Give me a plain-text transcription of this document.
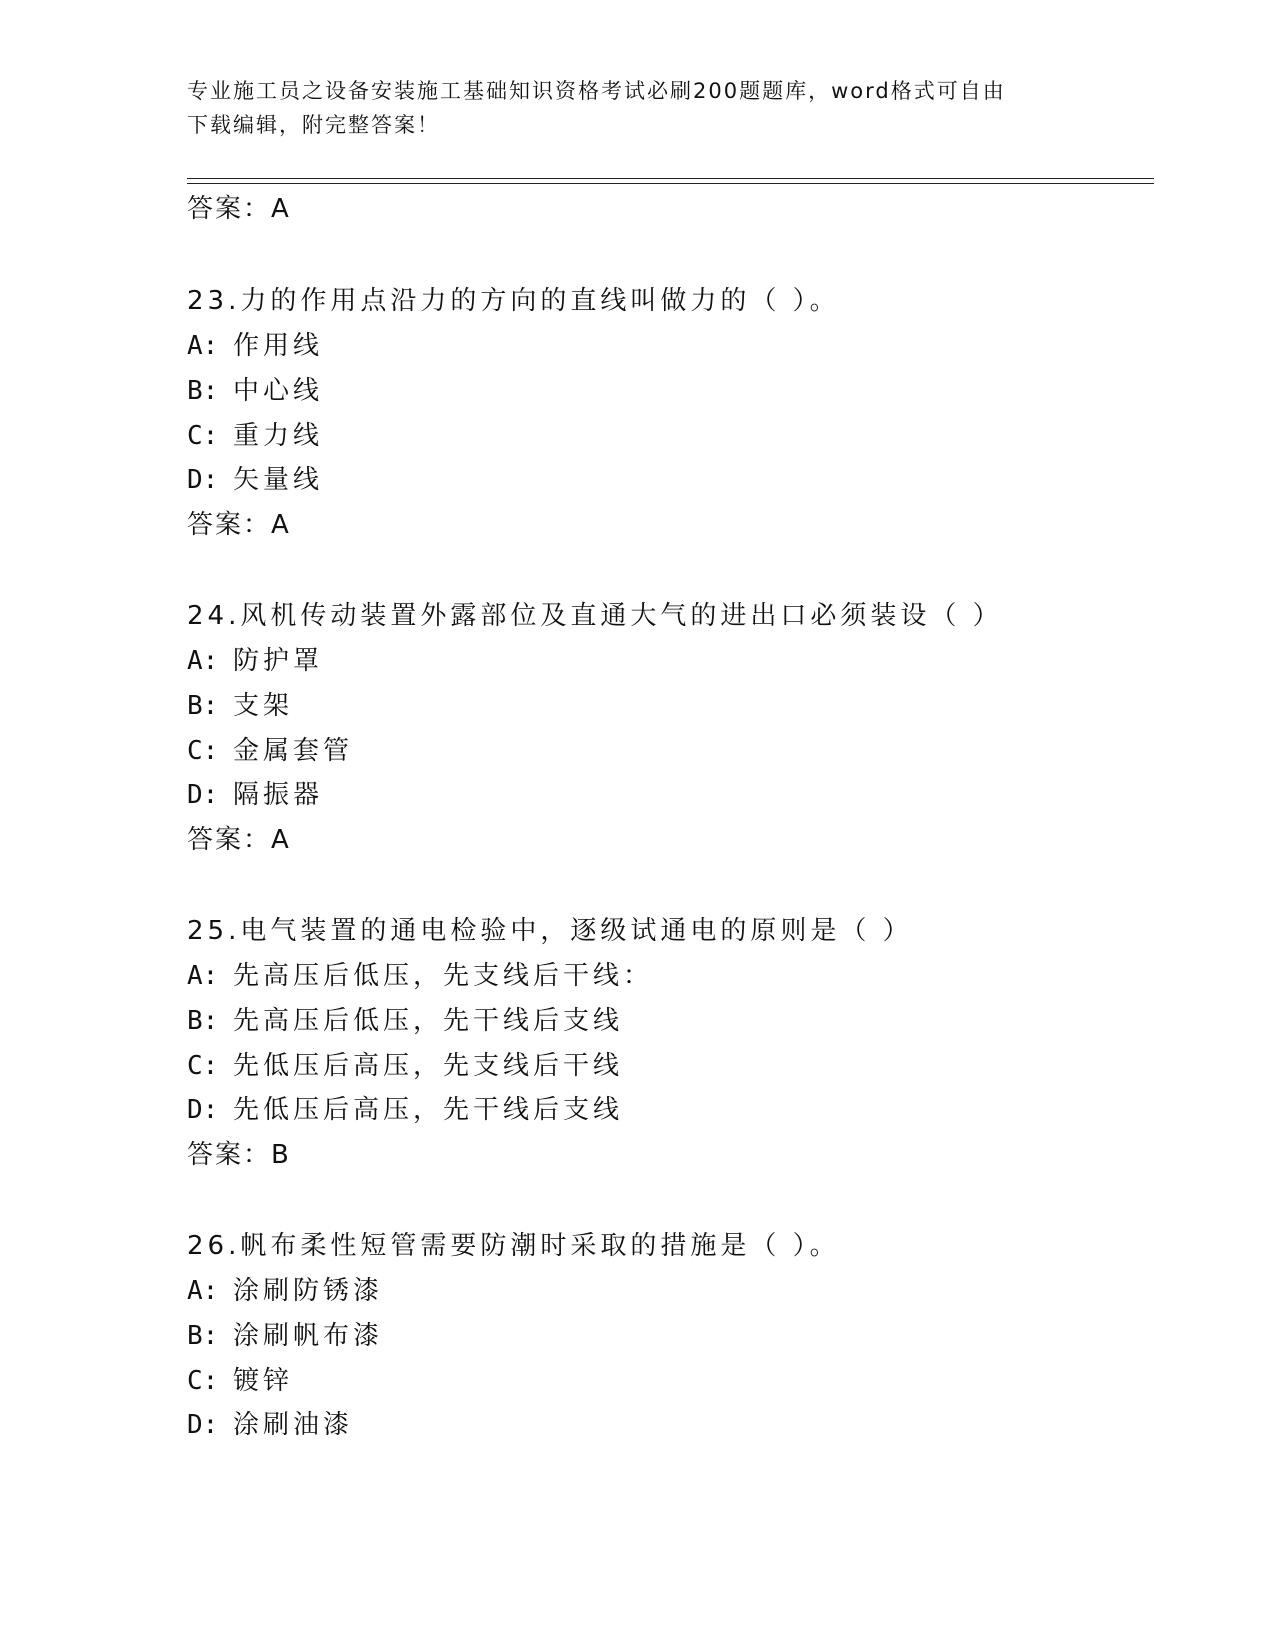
专业施工员之设备安装施工基础知识资格考试必刷200题题库，word格式可自由
下载编辑，附完整答案！
答案：A
23.力的作用点沿力的方向的直线叫做力的（ ）。
A: 作用线
B: 中心线
C: 重力线
D: 矢量线
答案：A
24.风机传动装置外露部位及直通大气的进出口必须装设（ ）
A: 防护罩
B: 支架
C: 金属套管
D: 隔振器
答案：A
25.电气装置的通电检验中，逐级试通电的原则是（ ）
A: 先高压后低压，先支线后干线：
B: 先高压后低压，先干线后支线
C: 先低压后高压，先支线后干线
D: 先低压后高压，先干线后支线
答案：B
26.帆布柔性短管需要防潮时采取的措施是（ ）。
A: 涂刷防锈漆
B: 涂刷帆布漆
C: 镀锌
D: 涂刷油漆
